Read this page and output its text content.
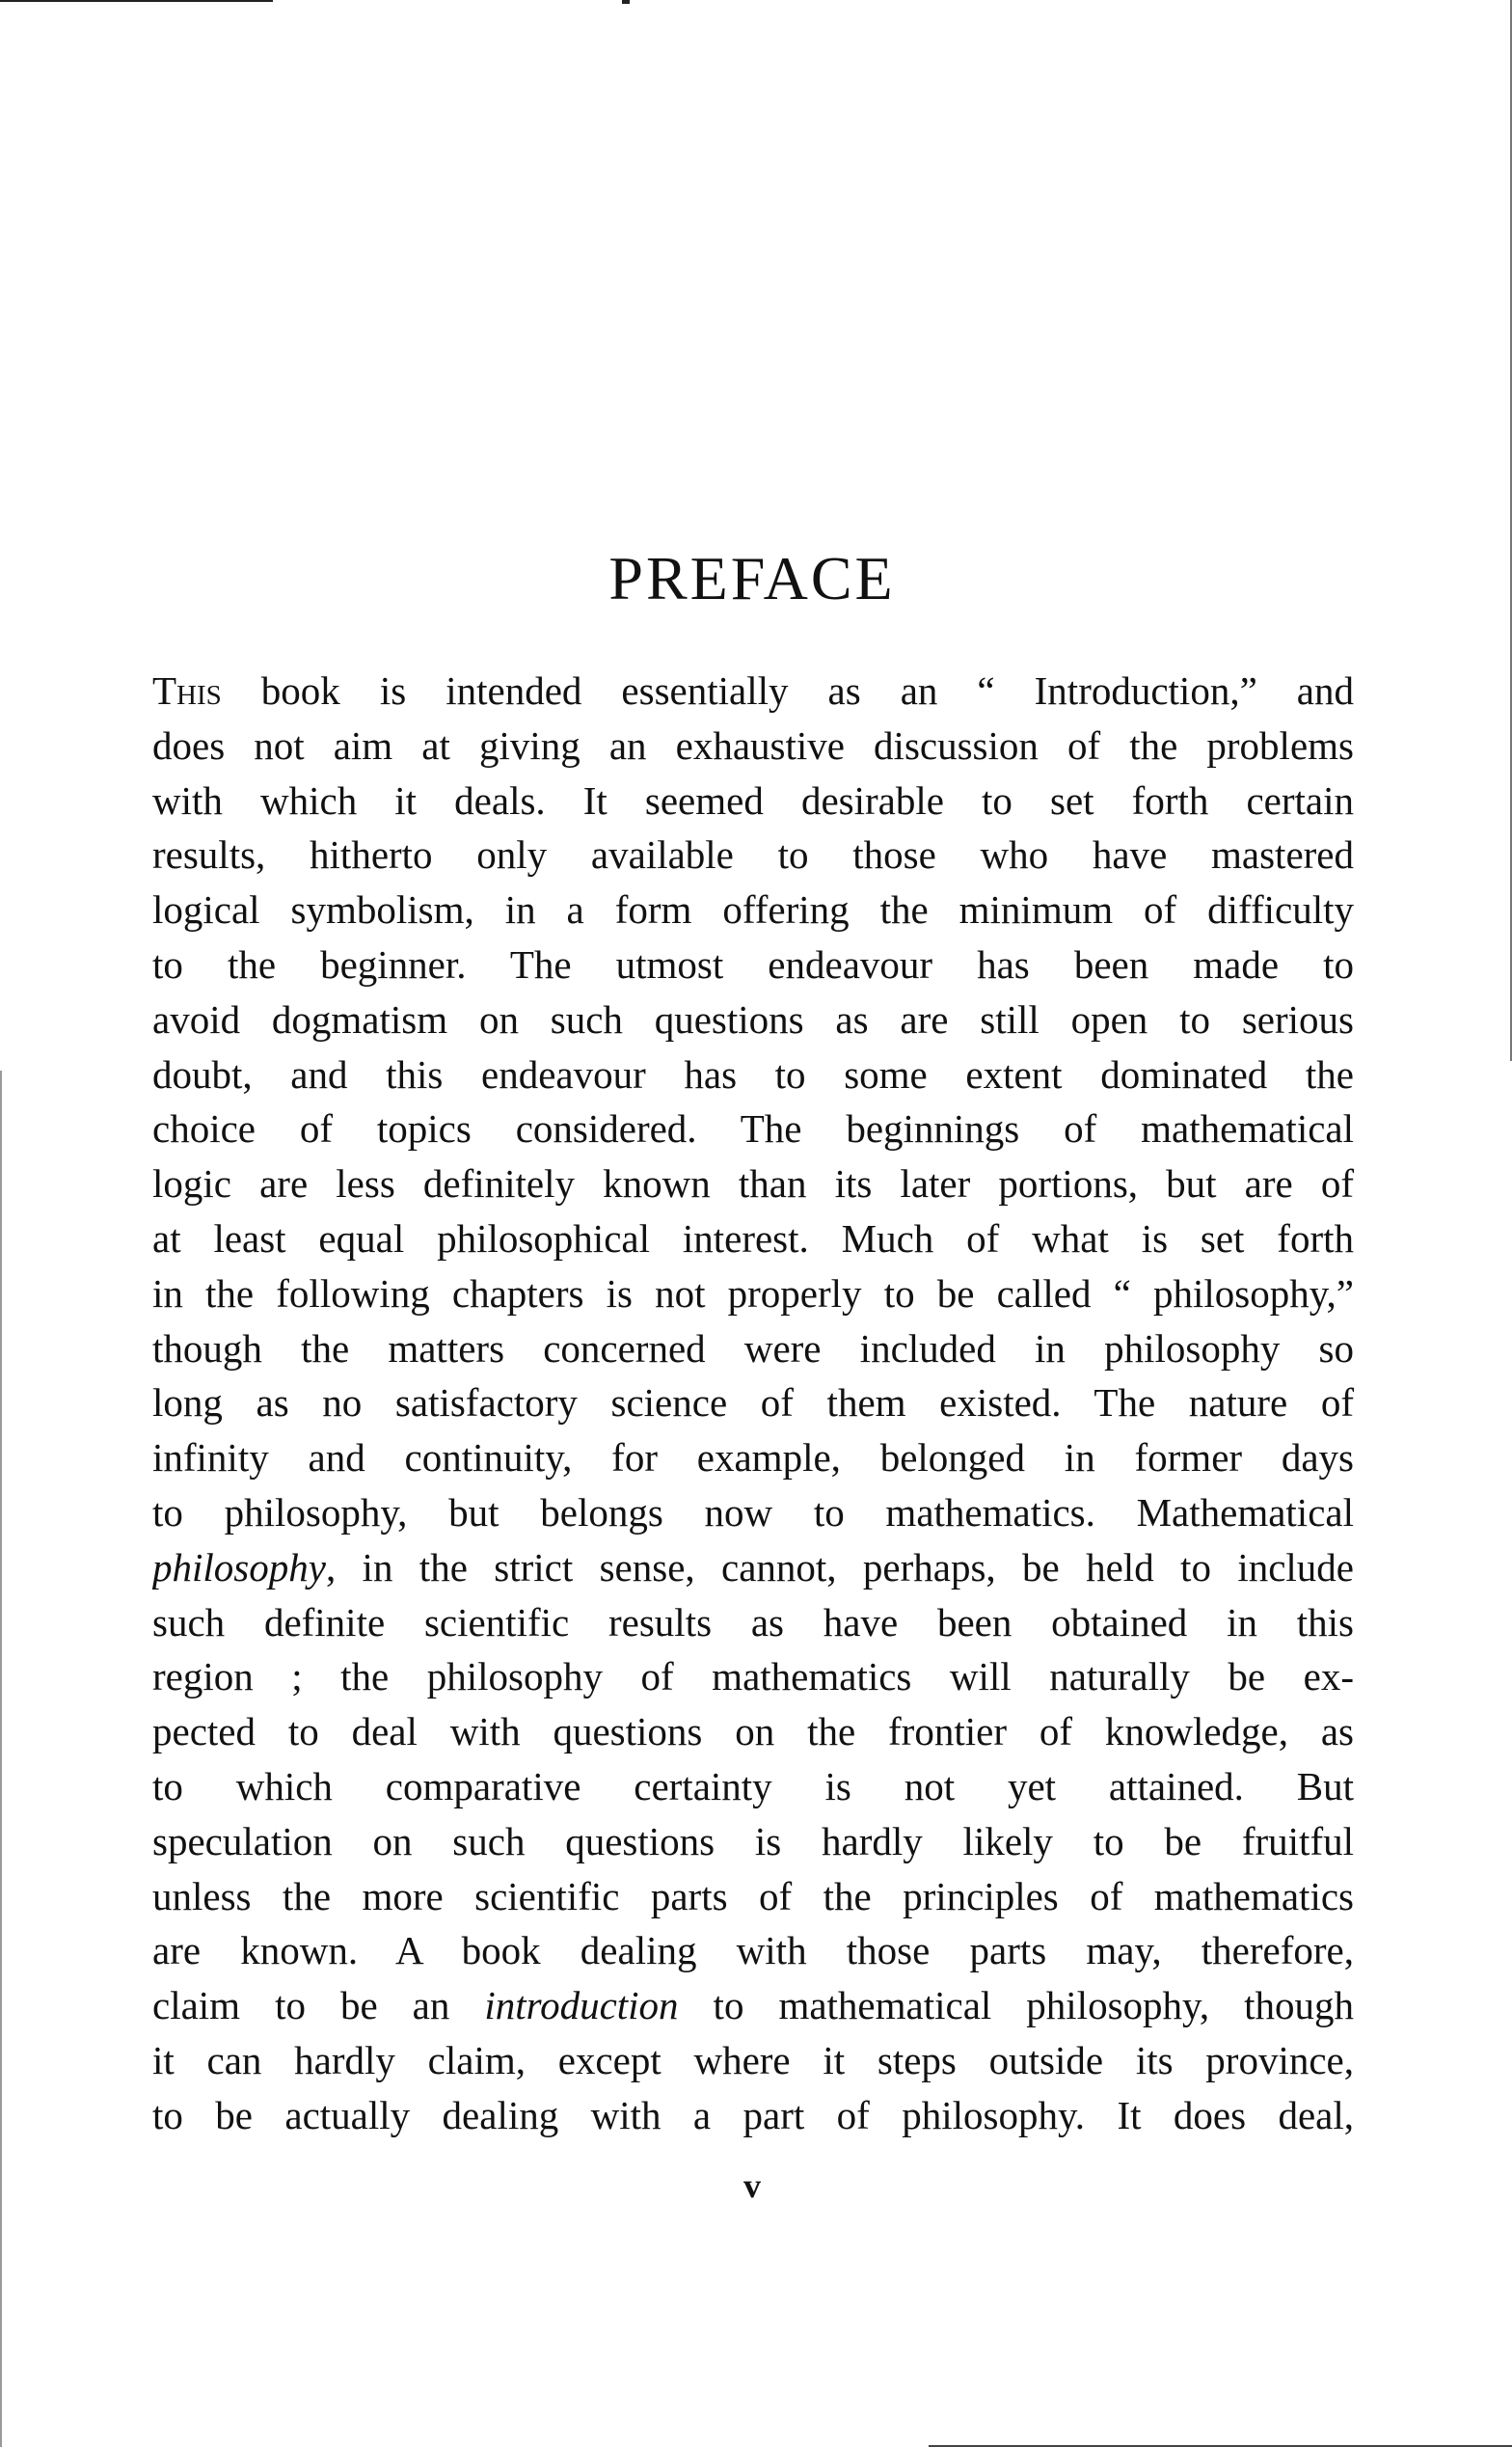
PREFACE
This book is intended essentially as an “ Introduction,” and
does not aim at giving an exhaustive discussion of the problems
with which it deals. It seemed desirable to set forth certain
results, hitherto only available to those who have mastered
logical symbolism, in a form offering the minimum of difficulty
to the beginner. The utmost endeavour has been made to
avoid dogmatism on such questions as are still open to serious
doubt, and this endeavour has to some extent dominated the
choice of topics considered. The beginnings of mathematical
logic are less definitely known than its later portions, but are of
at least equal philosophical interest. Much of what is set forth
in the following chapters is not properly to be called “ philosophy,”
though the matters concerned were included in philosophy so
long as no satisfactory science of them existed. The nature of
infinity and continuity, for example, belonged in former days
to philosophy, but belongs now to mathematics. Mathematical
philosophy, in the strict sense, cannot, perhaps, be held to include
such definite scientific results as have been obtained in this
region ; the philosophy of mathematics will naturally be ex-
pected to deal with questions on the frontier of knowledge, as
to which comparative certainty is not yet attained. But
speculation on such questions is hardly likely to be fruitful
unless the more scientific parts of the principles of mathematics
are known. A book dealing with those parts may, therefore,
claim to be an introduction to mathematical philosophy, though
it can hardly claim, except where it steps outside its province,
to be actually dealing with a part of philosophy. It does deal,
v
